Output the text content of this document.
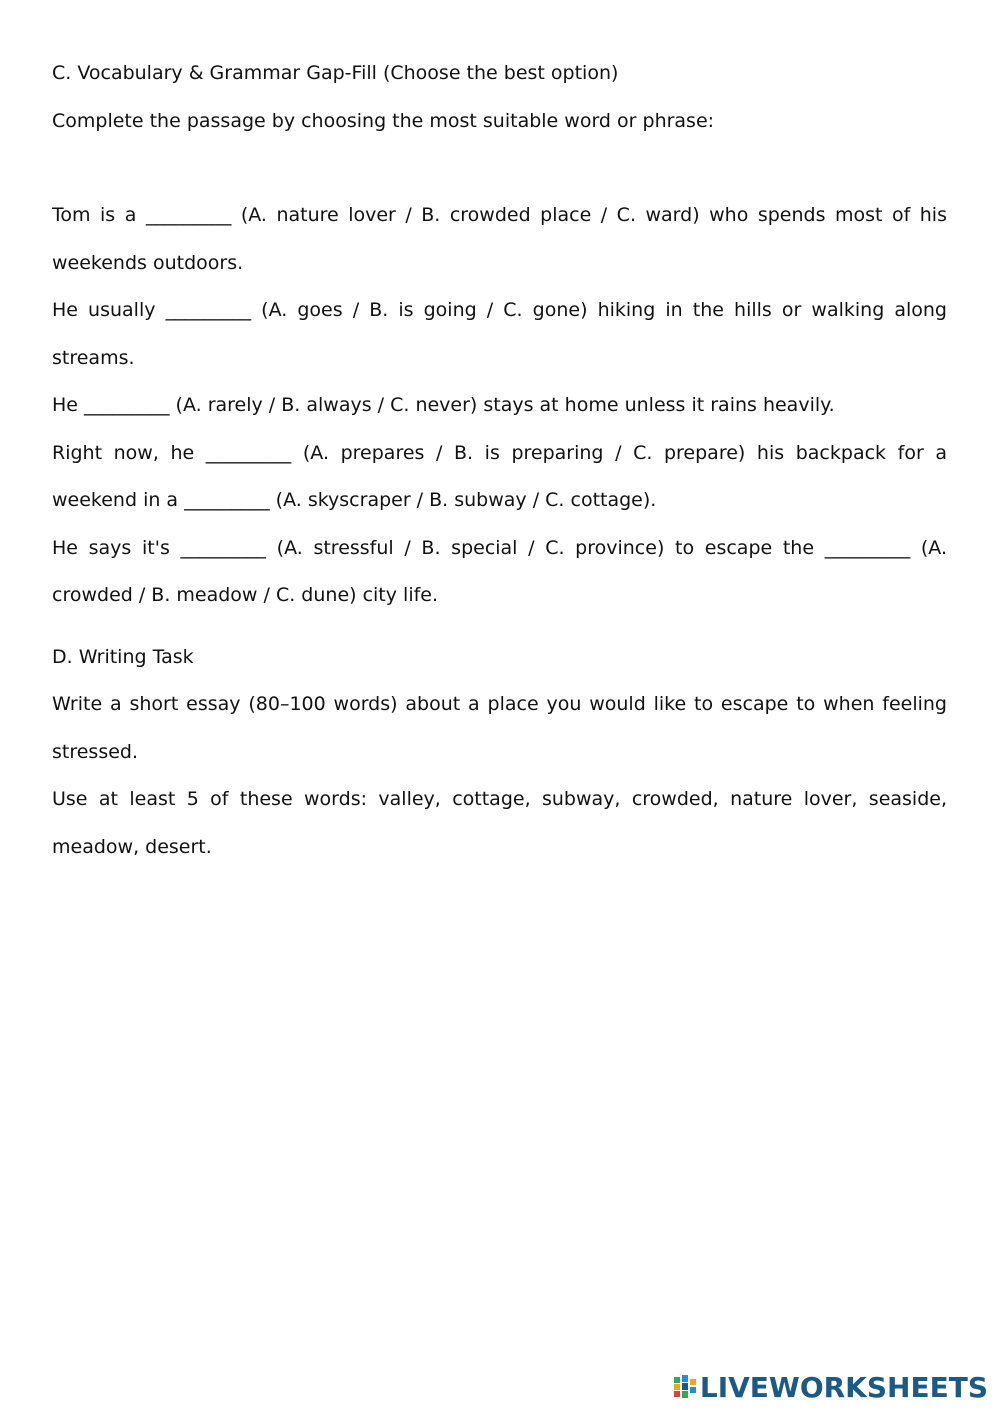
C. Vocabulary & Grammar Gap-Fill (Choose the best option)

Complete the passage by choosing the most suitable word or phrase:

Tom is a _________ (A. nature lover / B. crowded place / C. ward) who spends most of his weekends outdoors.

He usually _________ (A. goes / B. is going / C. gone) hiking in the hills or walking along streams.

He _________ (A. rarely / B. always / C. never) stays at home unless it rains heavily.

Right now, he _________ (A. prepares / B. is preparing / C. prepare) his backpack for a weekend in a _________ (A. skyscraper / B. subway / C. cottage).

He says it's _________ (A. stressful / B. special / C. province) to escape the _________ (A. crowded / B. meadow / C. dune) city life.

D. Writing Task

Write a short essay (80–100 words) about a place you would like to escape to when feeling stressed.

Use at least 5 of these words: valley, cottage, subway, crowded, nature lover, seaside, meadow, desert.

LIVEWORKSHEETS
